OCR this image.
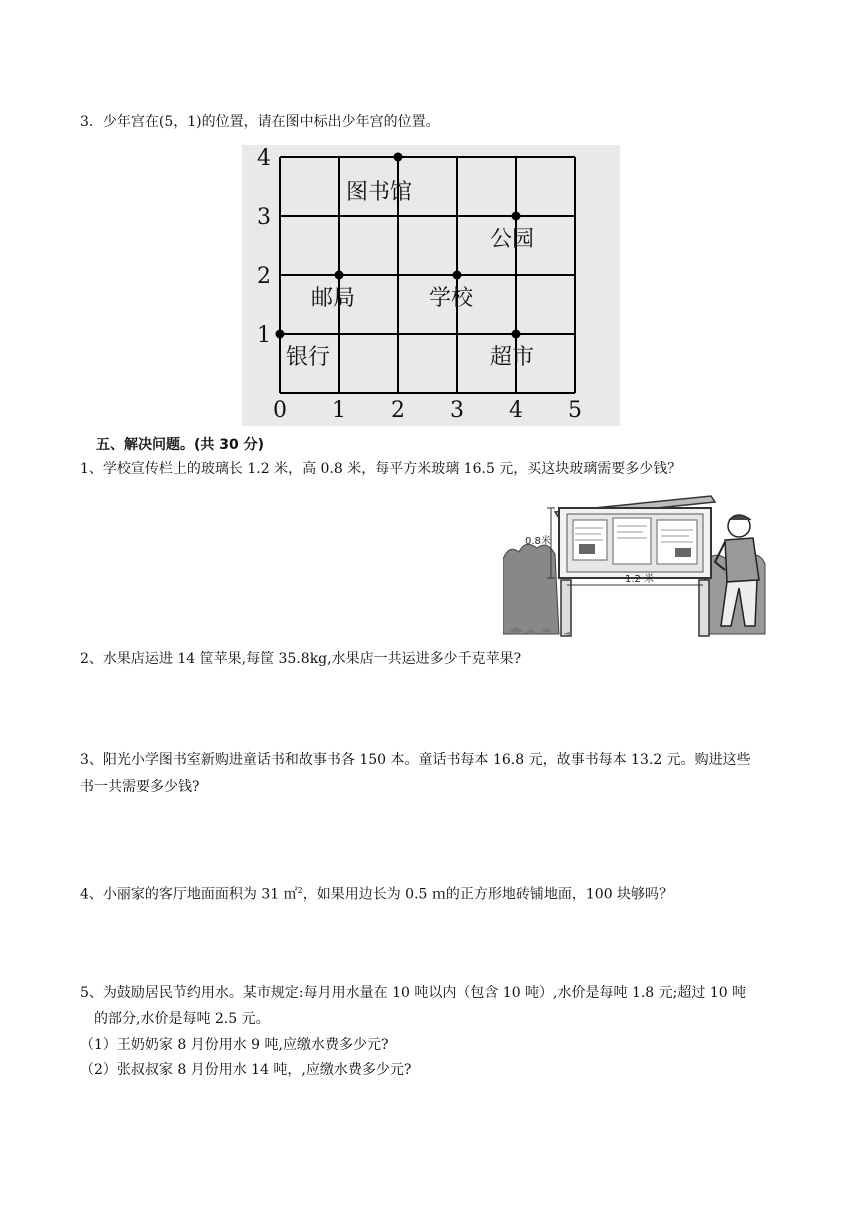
3．少年宫在(5，1)的位置，请在图中标出少年宫的位置。
0 1 2 3 4 5
1
2
3
4
图书馆
公园
邮局	学校
银行	超市
五、解决问题。(共 30 分)
1、学校宣传栏上的玻璃长 1.2 米，高 0.8 米，每平方米玻璃 16.5 元，买这块玻璃需要多少钱？
0.8米
1.2 米
2、水果店运进 14 筐苹果,每筐 35.8kg,水果店一共运进多少千克苹果?
3、阳光小学图书室新购进童话书和故事书各 150 本。童话书每本 16.8 元，故事书每本 13.2 元。购进这些
书一共需要多少钱?
4、小丽家的客厅地面面积为 31 ㎡$^2$，如果用边长为 0.5 ｍ的正方形地砖铺地面，100 块够吗？
5、为鼓励居民节约用水。某市规定:每月用水量在 10 吨以内（包含 10 吨）,水价是每吨 1.8 元;超过 10 吨
的部分,水价是每吨 2.5 元。
（1）王奶奶家 8 月份用水 9 吨,应缴水费多少元?
（2）张叔叔家 8 月份用水 14 吨，,应缴水费多少元?
